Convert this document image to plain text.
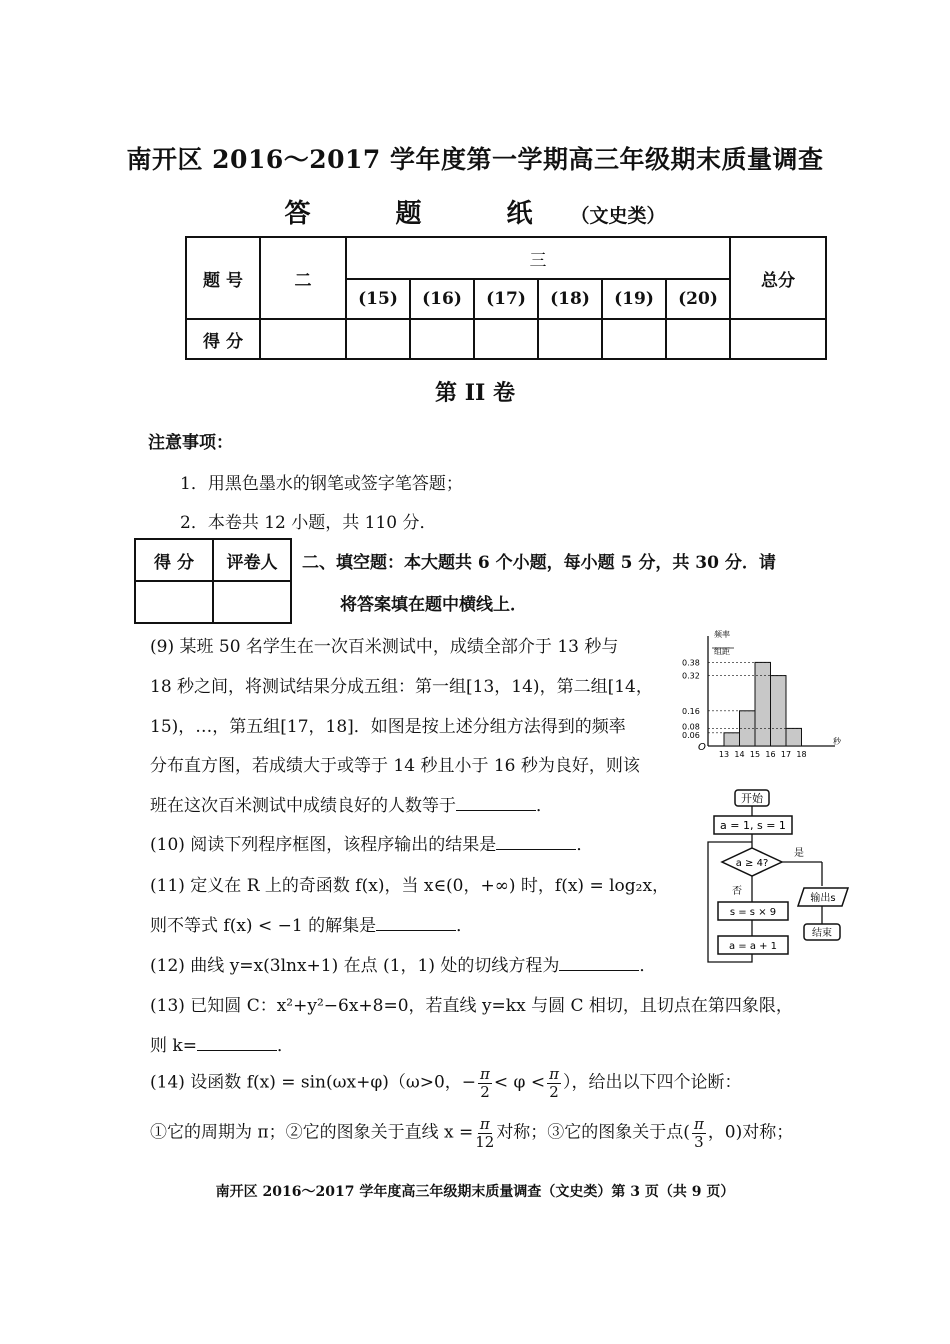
南开区 2016～2017 学年度第一学期高三年级期末质量调查
答 题 纸（文史类）
题 号	二	三						总分
		(15)	(16)	(17)	(18)	(19)	(20)	
得 分								
第 II 卷
注意事项：
1．用黑色墨水的钢笔或签字笔答题；
2．本卷共 12 小题，共 110 分．
得 分	评卷人
	二、填空题：本大题共 6 个小题，每小题 5 分，共 30 分．请
将答案填在题中横线上．
(9) 某班 50 名学生在一次百米测试中，成绩全部介于 13 秒与
18 秒之间，将测试结果分成五组：第一组[13，14)，第二组[14，
15)，…，第五组[17，18]．如图是按上述分组方法得到的频率
分布直方图，若成绩大于或等于 14 秒且小于 16 秒为良好，则该
班在这次百米测试中成绩良好的人数等于	．
O
频率
组距
秒
0.06
0.08
0.16
0.32
0.38
13 14 15 16 17 18
开始
a = 1, s = 1
a ≥ 4?
是
输出s
结束
否
s = s × 9
a = a + 1
(10) 阅读下列程序框图，该程序输出的结果是	．
(11) 定义在 R 上的奇函数 f(x)，当 x∈(0，+∞) 时，f(x) = log₂x，
则不等式 f(x) < −1 的解集是	．
(12) 曲线 y=x(3lnx+1) 在点 (1，1) 处的切线方程为	．
(13) 已知圆 C：x²+y²−6x+8=0，若直线 y=kx 与圆 C 相切，且切点在第四象限，
则 k=	．
(14) 设函数 f(x) = sin(ωx+φ)（ω>0，− $\frac{\pi}{2} < \varphi < \frac{\pi}{2}$ ），给出以下四个论断：
①它的周期为 π；②它的图象关于直线 $x = \frac{\pi}{12}$ 对称；③它的图象关于点( $\frac{\pi}{3}$ ，0)对称；
南开区 2016～2017 学年度高三年级期末质量调查（文史类）第 3 页（共 9 页）
